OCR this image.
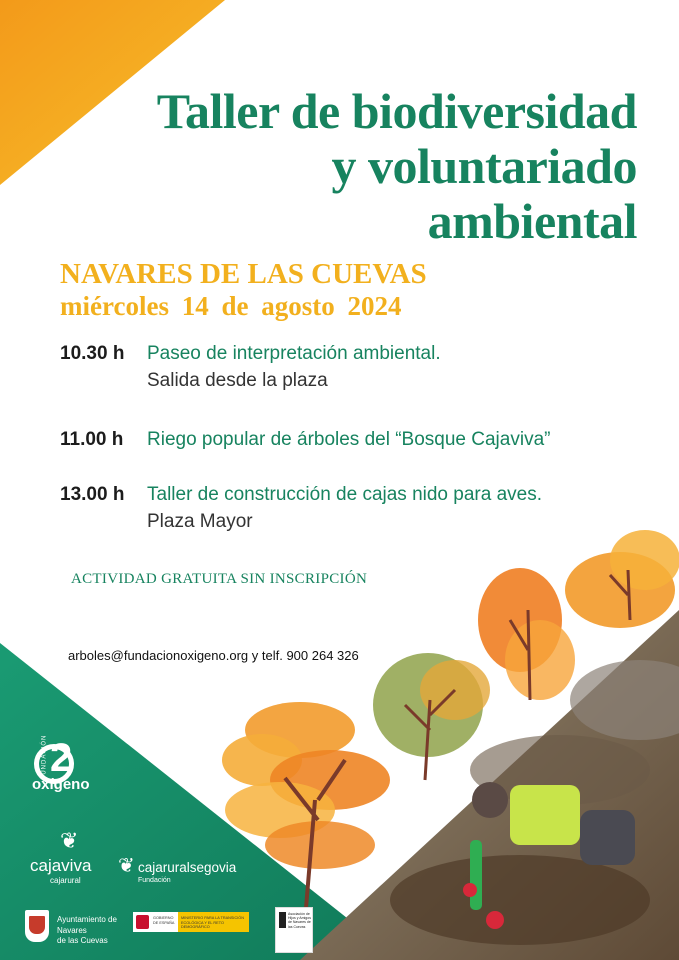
Taller de biodiversidad
y voluntariado
ambiental
NAVARES DE LAS CUEVAS
miércoles 14 de agosto 2024
10.30 h Paseo de interpretación ambiental.
Salida desde la plaza
11.00 h Riego popular de árboles del “Bosque Cajaviva”
13.00 h Taller de construcción de cajas nido para aves.
Plaza Mayor
ACTIVIDAD GRATUITA SIN INSCRIPCIÓN
arboles@fundacionoxigeno.org y telf. 900 264 326
2
oxígeno
FUNDACIÓN
❦
cajaviva
cajarural
❦ cajaruralsegovia
Fundación
Ayuntamiento de
Navares
de las Cuevas
GOBIERNO DE ESPAÑA
MINISTERIO PARA LA TRANSICIÓN ECOLÓGICA Y EL RETO DEMOGRÁFICO
Asociación de Hijos y Amigos de Navares de las Cuevas
